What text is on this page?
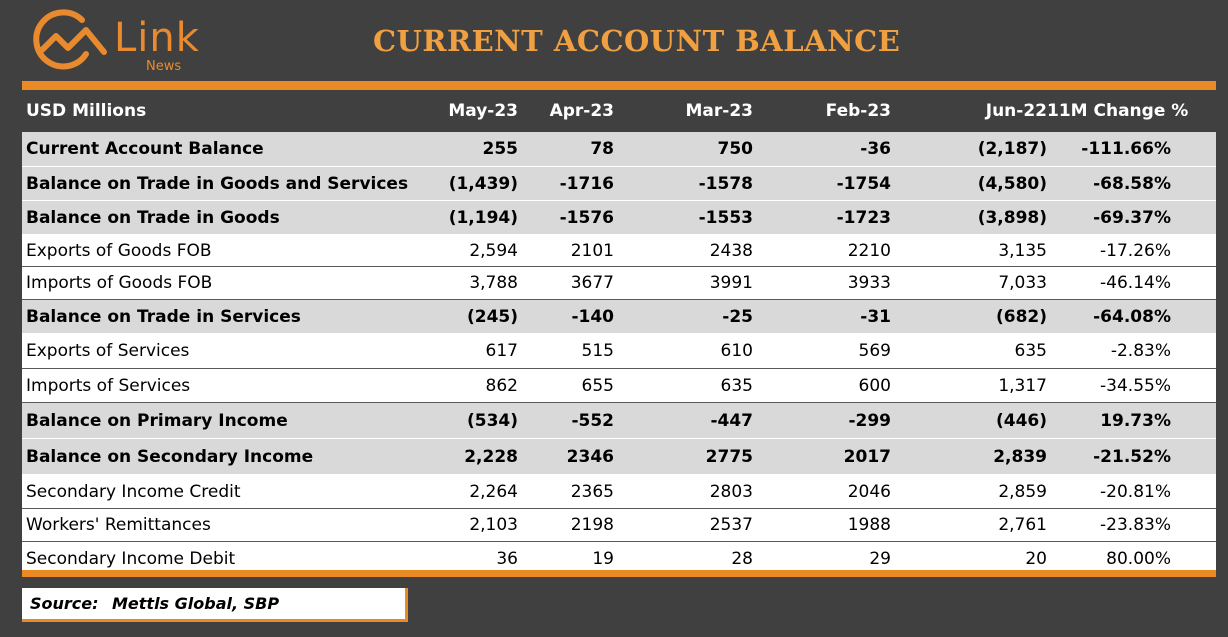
Link
News
CURRENT ACCOUNT BALANCE
USD Millions	May-23	Apr-23	Mar-23	Feb-23	Jun-22 11M Change %
Current Account Balance	255	78	750	-36	(2,187)	-111.66%
Balance on Trade in Goods and Services	(1,439)	-1716	-1578	-1754	(4,580)	-68.58%
Balance on Trade in Goods	(1,194)	-1576	-1553	-1723	(3,898)	-69.37%
Exports of Goods FOB	2,594	2101	2438	2210	3,135	-17.26%
Imports of Goods FOB	3,788	3677	3991	3933	7,033	-46.14%
Balance on Trade in Services	(245)	-140	-25	-31	(682)	-64.08%
Exports of Services	617	515	610	569	635	-2.83%
Imports of Services	862	655	635	600	1,317	-34.55%
Balance on Primary Income	(534)	-552	-447	-299	(446)	19.73%
Balance on Secondary Income	2,228	2346	2775	2017	2,839	-21.52%
Secondary Income Credit	2,264	2365	2803	2046	2,859	-20.81%
Workers' Remittances	2,103	2198	2537	1988	2,761	-23.83%
Secondary Income Debit	36	19	28	29	20	80.00%
Source: Mettls Global, SBP
